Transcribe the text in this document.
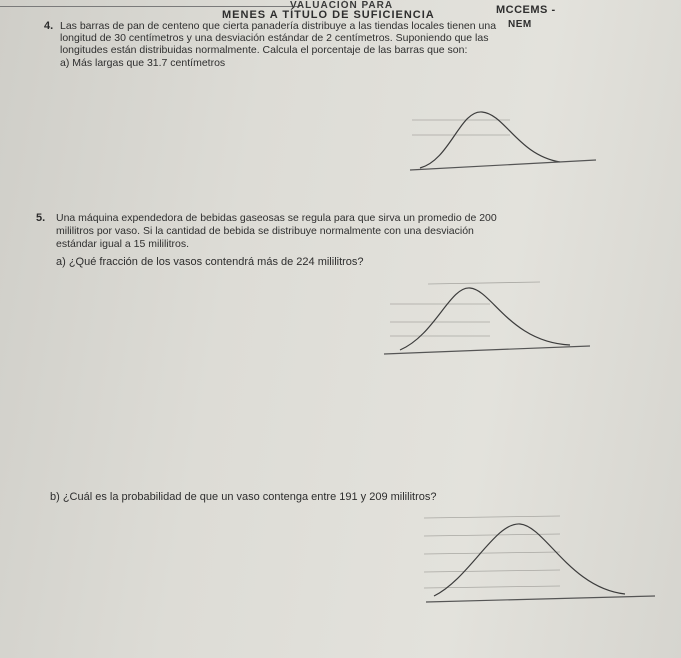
VALUACIÓN PARA
MENES A TÍTULO DE SUFICIENCIA	MCCEMS -
NEM
4. Las barras de pan de centeno que cierta panadería distribuye a las tiendas locales tienen una
longitud de 30 centímetros y una desviación estándar de 2 centímetros. Suponiendo que las
longitudes están distribuidas normalmente. Calcula el porcentaje de las barras que son:
a) Más largas que 31.7 centímetros
5. Una máquina expendedora de bebidas gaseosas se regula para que sirva un promedio de 200
mililitros por vaso. Si la cantidad de bebida se distribuye normalmente con una desviación
estándar igual a 15 mililitros.
a) ¿Qué fracción de los vasos contendrá más de 224 mililitros?
b) ¿Cuál es la probabilidad de que un vaso contenga entre 191 y 209 mililitros?
